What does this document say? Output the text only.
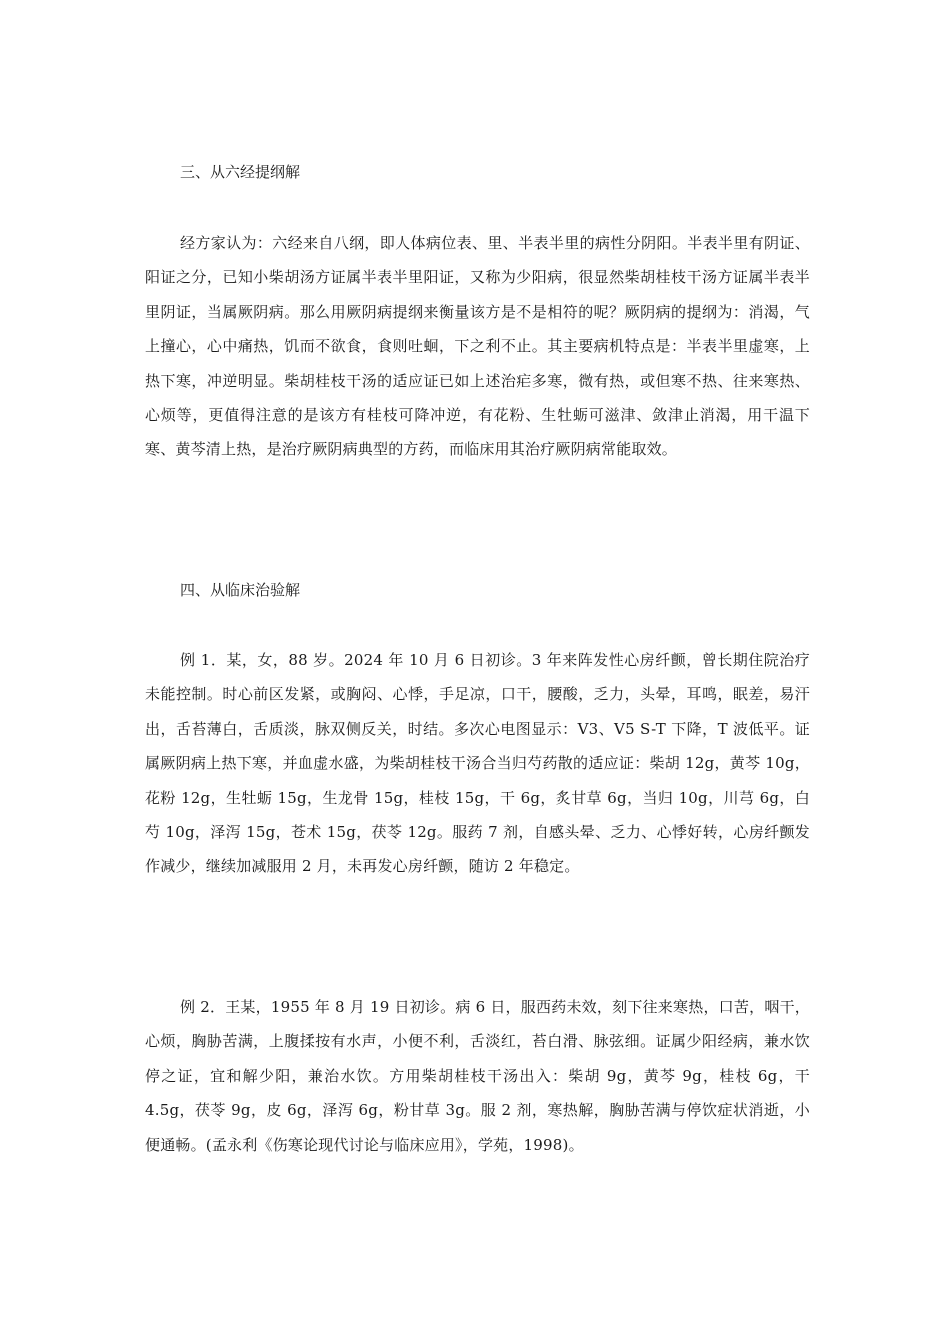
三、从六经提纲解

经方家认为：六经来自八纲，即人体病位表、里、半表半里的病性分阴阳。半表半里有阴证、阳证之分，已知小柴胡汤方证属半表半里阳证，又称为少阳病，很显然柴胡桂枝干汤方证属半表半里阴证，当属厥阴病。那么用厥阴病提纲来衡量该方是不是相符的呢？厥阴病的提纲为：消渴，气上撞心，心中痛热，饥而不欲食，食则吐蛔，下之利不止。其主要病机特点是：半表半里虚寒，上热下寒，冲逆明显。柴胡桂枝干汤的适应证已如上述治疟多寒，微有热，或但寒不热、往来寒热、心烦等，更值得注意的是该方有桂枝可降冲逆，有花粉、生牡蛎可滋津、敛津止消渴，用干温下寒、黄芩清上热，是治疗厥阴病典型的方药，而临床用其治疗厥阴病常能取效。

四、从临床治验解

例 1．某，女，88 岁。2024 年 10 月 6 日初诊。3 年来阵发性心房纤颤，曾长期住院治疗未能控制。时心前区发紧，或胸闷、心悸，手足凉，口干，腰酸，乏力，头晕，耳鸣，眠差，易汗出，舌苔薄白，舌质淡，脉双侧反关，时结。多次心电图显示：V3、V5 S-T 下降，T 波低平。证属厥阴病上热下寒，并血虚水盛，为柴胡桂枝干汤合当归芍药散的适应证：柴胡 12g，黄芩 10g，花粉 12g，生牡蛎 15g，生龙骨 15g，桂枝 15g，干 6g，炙甘草 6g，当归 10g，川芎 6g，白芍 10g，泽泻 15g，苍术 15g，茯苓 12g。服药 7 剂，自感头晕、乏力、心悸好转，心房纤颤发作减少，继续加减服用 2 月，未再发心房纤颤，随访 2 年稳定。

例 2．王某，1955 年 8 月 19 日初诊。病 6 日，服西药未效，刻下往来寒热，口苦，咽干，心烦，胸胁苦满，上腹揉按有水声，小便不利，舌淡红，苔白滑、脉弦细。证属少阳经病，兼水饮停之证，宜和解少阳，兼治水饮。方用柴胡桂枝干汤出入：柴胡 9g，黄芩 9g，桂枝 6g，干 4.5g，茯苓 9g，皮 6g，泽泻 6g，粉甘草 3g。服 2 剂，寒热解，胸胁苦满与停饮症状消逝，小便通畅。(孟永利《伤寒论现代讨论与临床应用》，学苑，1998)。
